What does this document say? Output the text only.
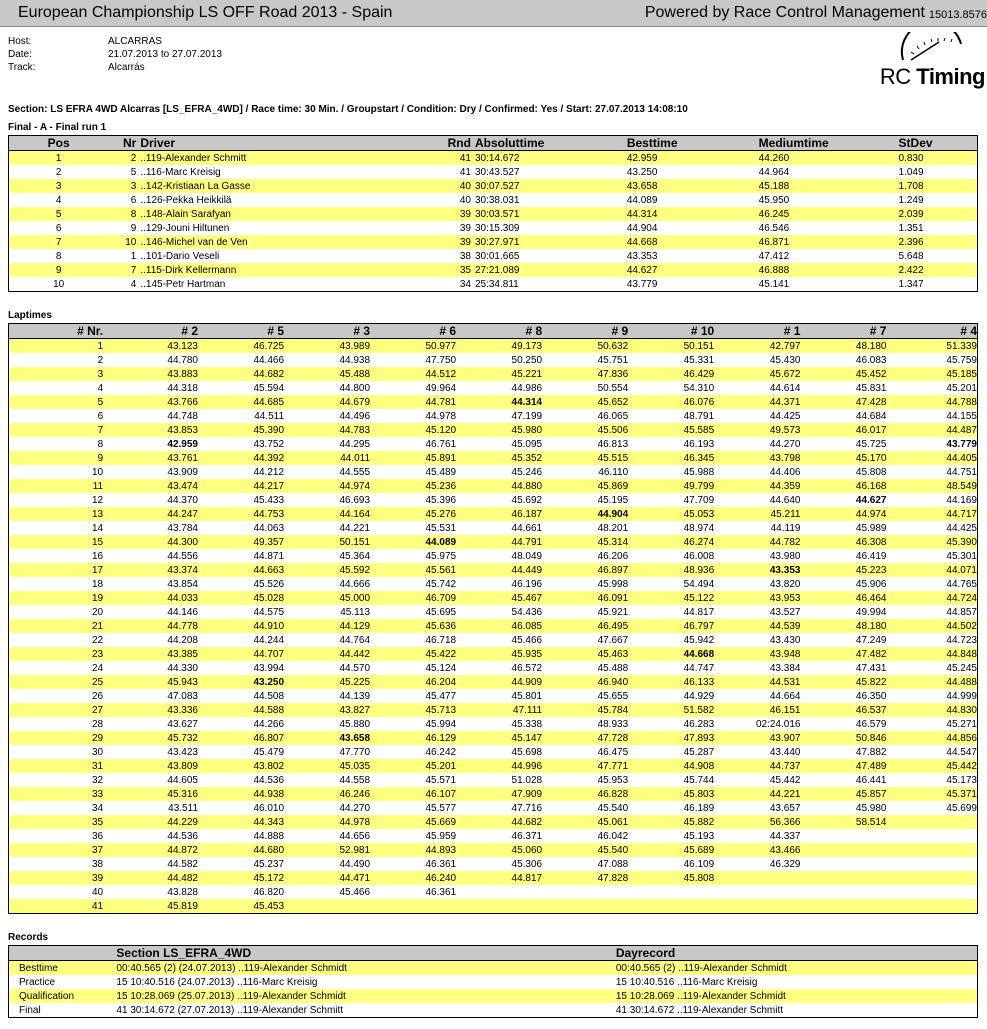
European Championship LS OFF Road 2013 - Spain	Powered by Race Control Management 15013.8576
Host:	ALCARRAS
Date:	21.07.2013 to 27.07.2013
Track:	Alcarrás	RC Timing
Section: LS EFRA 4WD Alcarras [LS_EFRA_4WD] / Race time: 30 Min. / Groupstart / Condition: Dry / Confirmed: Yes / Start: 27.07.2013 14:08:10
Final - A - Final run 1
Pos	Nr	Driver	Rnd	Absoluttime	Besttime	Mediumtime	StDev
1	2	..119-Alexander Schmitt	41	30:14.672	42.959	44.260	0.830
2	5	..116-Marc Kreisig	41	30:43.527	43.250	44.964	1.049
3	3	..142-Kristiaan La Gasse	40	30:07.527	43.658	45.188	1.708
4	6	..126-Pekka Heikkilä	40	30:38.031	44.089	45.950	1.249
5	8	..148-Alain Sarafyan	39	30:03.571	44.314	46.245	2.039
6	9	..129-Jouni Hiltunen	39	30:15.309	44.904	46.546	1.351
7	10	..146-Michel van de Ven	39	30:27.971	44.668	46.871	2.396
8	1	..101-Dario Veseli	38	30:01.665	43.353	47.412	5.648
9	7	..115-Dirk Kellermann	35	27:21.089	44.627	46.888	2.422
10	4	..145-Petr Hartman	34	25:34.811	43.779	45.141	1.347
Laptimes
# Nr.	# 2	# 5	# 3	# 6	# 8	# 9	# 10	# 1	# 7	# 4
1	43.123	46.725	43.989	50.977	49.173	50.632	50.151	42.797	48.180	51.339
2	44.780	44.466	44.938	47.750	50.250	45.751	45.331	45.430	46.083	45.759
3	43.883	44.682	45.488	44.512	45.221	47.836	46.429	45.672	45.452	45.185
4	44.318	45.594	44.800	49.964	44.986	50.554	54.310	44.614	45.831	45.201
5	43.766	44.685	44.679	44.781	44.314	45.652	46.076	44.371	47.428	44.788
6	44.748	44.511	44.496	44.978	47.199	46.065	48.791	44.425	44.684	44.155
7	43.853	45.390	44.783	45.120	45.980	45.506	45.585	49.573	46.017	44.487
8	42.959	43.752	44.295	46.761	45.095	46.813	46.193	44.270	45.725	43.779
9	43.761	44.392	44.011	45.891	45.352	45.515	46.345	43.798	45.170	44.405
10	43.909	44.212	44.555	45.489	45.246	46.110	45.988	44.406	45.808	44.751
11	43.474	44.217	44.974	45.236	44.880	45.869	49.799	44.359	46.168	48.549
12	44.370	45.433	46.693	45.396	45.692	45.195	47.709	44.640	44.627	44.169
13	44.247	44.753	44.164	45.276	46.187	44.904	45.053	45.211	44.974	44.717
14	43.784	44.063	44.221	45.531	44.661	48.201	48.974	44.119	45.989	44.425
15	44.300	49.357	50.151	44.089	44.791	45.314	46.274	44.782	46.308	45.390
16	44.556	44.871	45.364	45.975	48.049	46.206	46.008	43.980	46.419	45.301
17	43.374	44.663	45.592	45.561	44.449	46.897	48.936	43.353	45.223	44.071
18	43.854	45.526	44.666	45.742	46.196	45.998	54.494	43.820	45.906	44.765
19	44.033	45.028	45.000	46.709	45.467	46.091	45.122	43.953	46.464	44.724
20	44.146	44.575	45.113	45.695	54.436	45.921	44.817	43.527	49.994	44.857
21	44.778	44.910	44.129	45.636	46.085	46.495	46.797	44.539	48.180	44.502
22	44.208	44.244	44.764	46.718	45.466	47.667	45.942	43.430	47.249	44.723
23	43.385	44.707	44.442	45.422	45.935	45.463	44.668	43.948	47.482	44.848
24	44.330	43.994	44.570	45.124	46.572	45.488	44.747	43.384	47.431	45.245
25	45.943	43.250	45.225	46.204	44.909	46.940	46.133	44.531	45.822	44.488
26	47.083	44.508	44.139	45.477	45.801	45.655	44.929	44.664	46.350	44.999
27	43.336	44.588	43.827	45.713	47.111	45.784	51.582	46.151	46.537	44.830
28	43.627	44.266	45.880	45.994	45.338	48.933	46.283	02:24.016	46.579	45.271
29	45.732	46.807	43.658	46.129	45.147	47.728	47.893	43.907	50.846	44.856
30	43.423	45.479	47.770	46.242	45.698	46.475	45.287	43.440	47.882	44.547
31	43.809	43.802	45.035	45.201	44.996	47.771	44.908	44.737	47.489	45.442
32	44.605	44.536	44.558	45.571	51.028	45.953	45.744	45.442	46.441	45.173
33	45.316	44.938	46.246	46.107	47.909	46.828	45.803	44.221	45.857	45.371
34	43.511	46.010	44.270	45.577	47.716	45.540	46.189	43.657	45.980	45.699
35	44.229	44.343	44.978	45.669	44.682	45.061	45.882	56.366	58.514	
36	44.536	44.888	44.656	45.959	46.371	46.042	45.193	44.337		
37	44.872	44.680	52.981	44.893	45.060	45.540	45.689	43.466		
38	44.582	45.237	44.490	46.361	45.306	47.088	46.109	46.329		
39	44.482	45.172	44.471	46.240	44.817	47.828	45.808			
40	43.828	46.820	45.466	46.361						
41	45.819	45.453								
Records
	Section LS_EFRA_4WD	Dayrecord
Besttime	00:40.565 (2) (24.07.2013) ..119-Alexander Schmidt	00:40.565 (2) ..119-Alexander Schmidt
Practice	15 10:40.516 (24.07.2013) ..116-Marc Kreisig	15 10:40.516 ..116-Marc Kreisig
Qualification	15 10:28.069 (25.07.2013) ..119-Alexander Schmidt	15 10:28.069 ..119-Alexander Schmidt
Final	41 30:14.672 (27.07.2013) ..119-Alexander Schmitt	41 30:14.672 ..119-Alexander Schmitt
